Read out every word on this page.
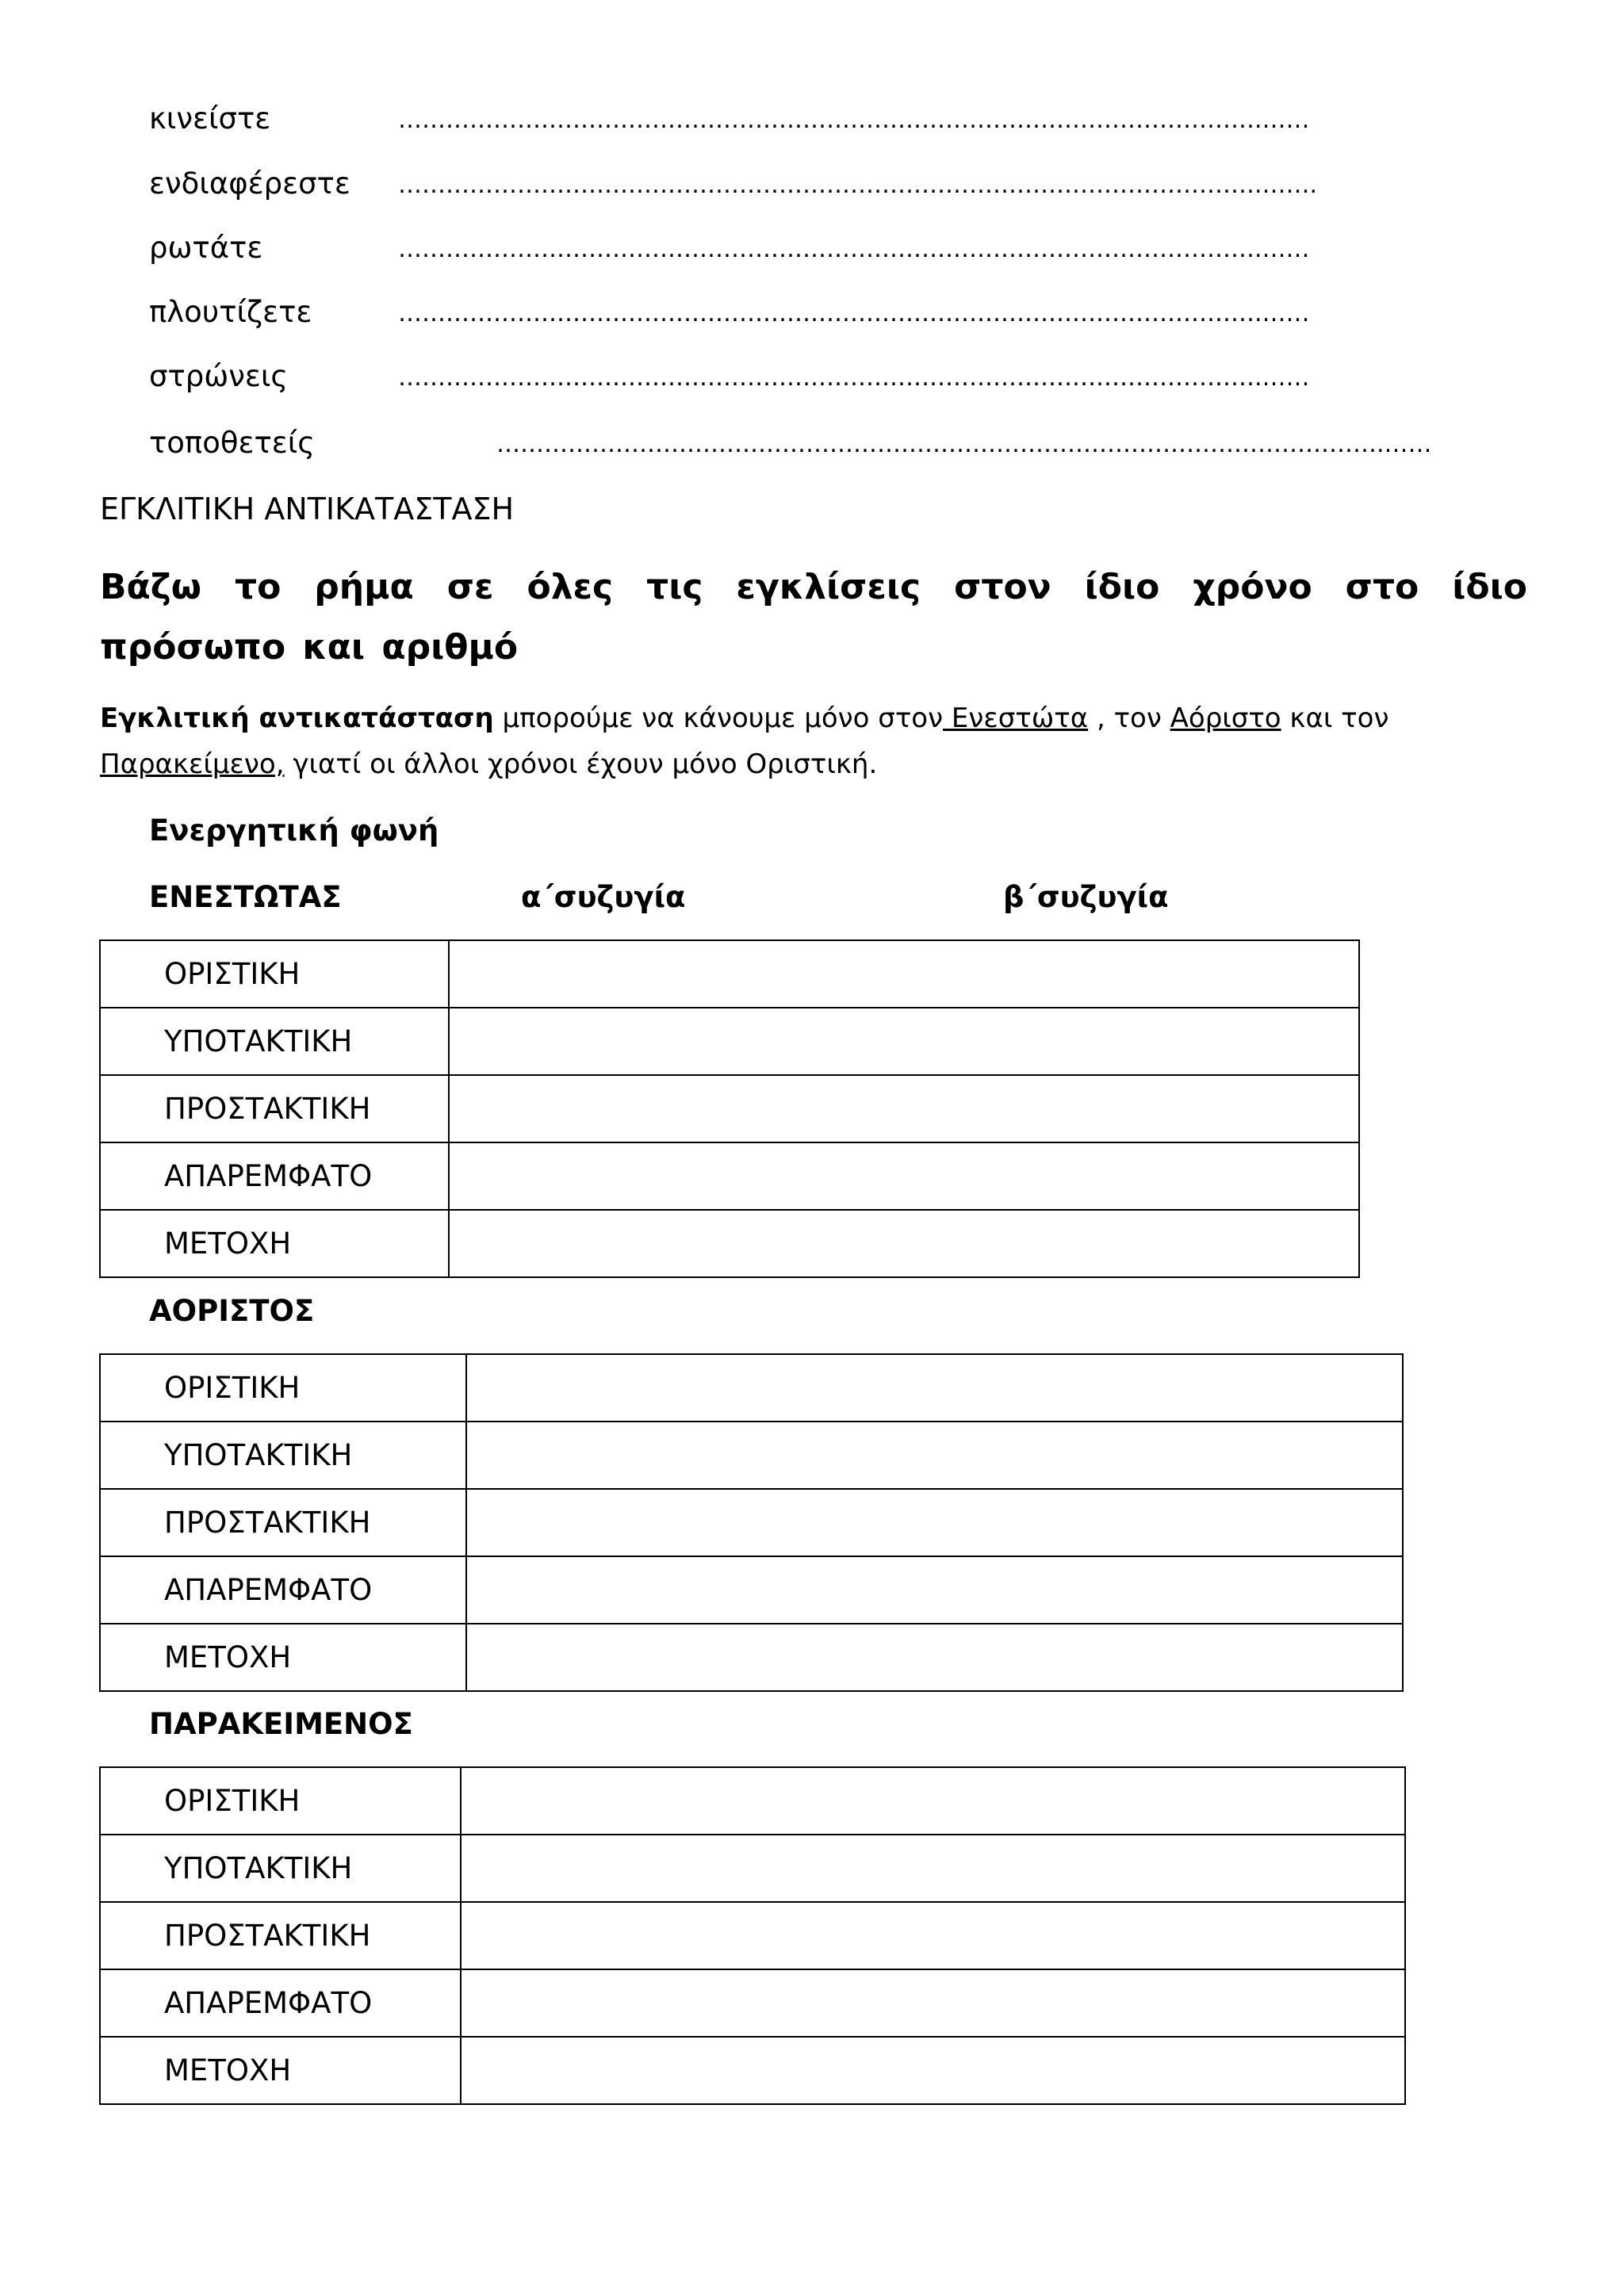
κινείστε	……………………………………………………………………………………………….……
ενδιαφέρεστε ……………………………………………………………………………………………….…….
ρωτάτε	……………………………………………………………………………………………….……
πλουτίζετε	……………………………………………………………………………………………….……
στρώνεις	……………………………………………………………………………………………….……
τοποθετείς	………………………………………………………………………………………………….……
ΕΓΚΛΙΤΙΚΗ ΑΝΤΙΚΑΤΑΣΤΑΣΗ
Βάζω το ρήμα σε όλες τις εγκλίσεις στον ίδιο χρόνο στο ίδιο πρόσωπο και αριθμό
Εγκλιτική αντικατάσταση μπορούμε να κάνουμε μόνο στον Ενεστώτα , τον Αόριστο και τον Παρακείμενο, γιατί οι άλλοι χρόνοι έχουν μόνο Οριστική.
Ενεργητική φωνή
ΕΝΕΣΤΩΤΑΣ	α΄συζυγία	β΄συζυγία
ΟΡΙΣΤΙΚΗ	
ΥΠΟΤΑΚΤΙΚΗ	
ΠΡΟΣΤΑΚΤΙΚΗ	
ΑΠΑΡΕΜΦΑΤΟ	
ΜΕΤΟΧΗ	
ΑΟΡΙΣΤΟΣ
ΟΡΙΣΤΙΚΗ	
ΥΠΟΤΑΚΤΙΚΗ	
ΠΡΟΣΤΑΚΤΙΚΗ	
ΑΠΑΡΕΜΦΑΤΟ	
ΜΕΤΟΧΗ	
ΠΑΡΑΚΕΙΜΕΝΟΣ
ΟΡΙΣΤΙΚΗ	
ΥΠΟΤΑΚΤΙΚΗ	
ΠΡΟΣΤΑΚΤΙΚΗ	
ΑΠΑΡΕΜΦΑΤΟ	
ΜΕΤΟΧΗ	
